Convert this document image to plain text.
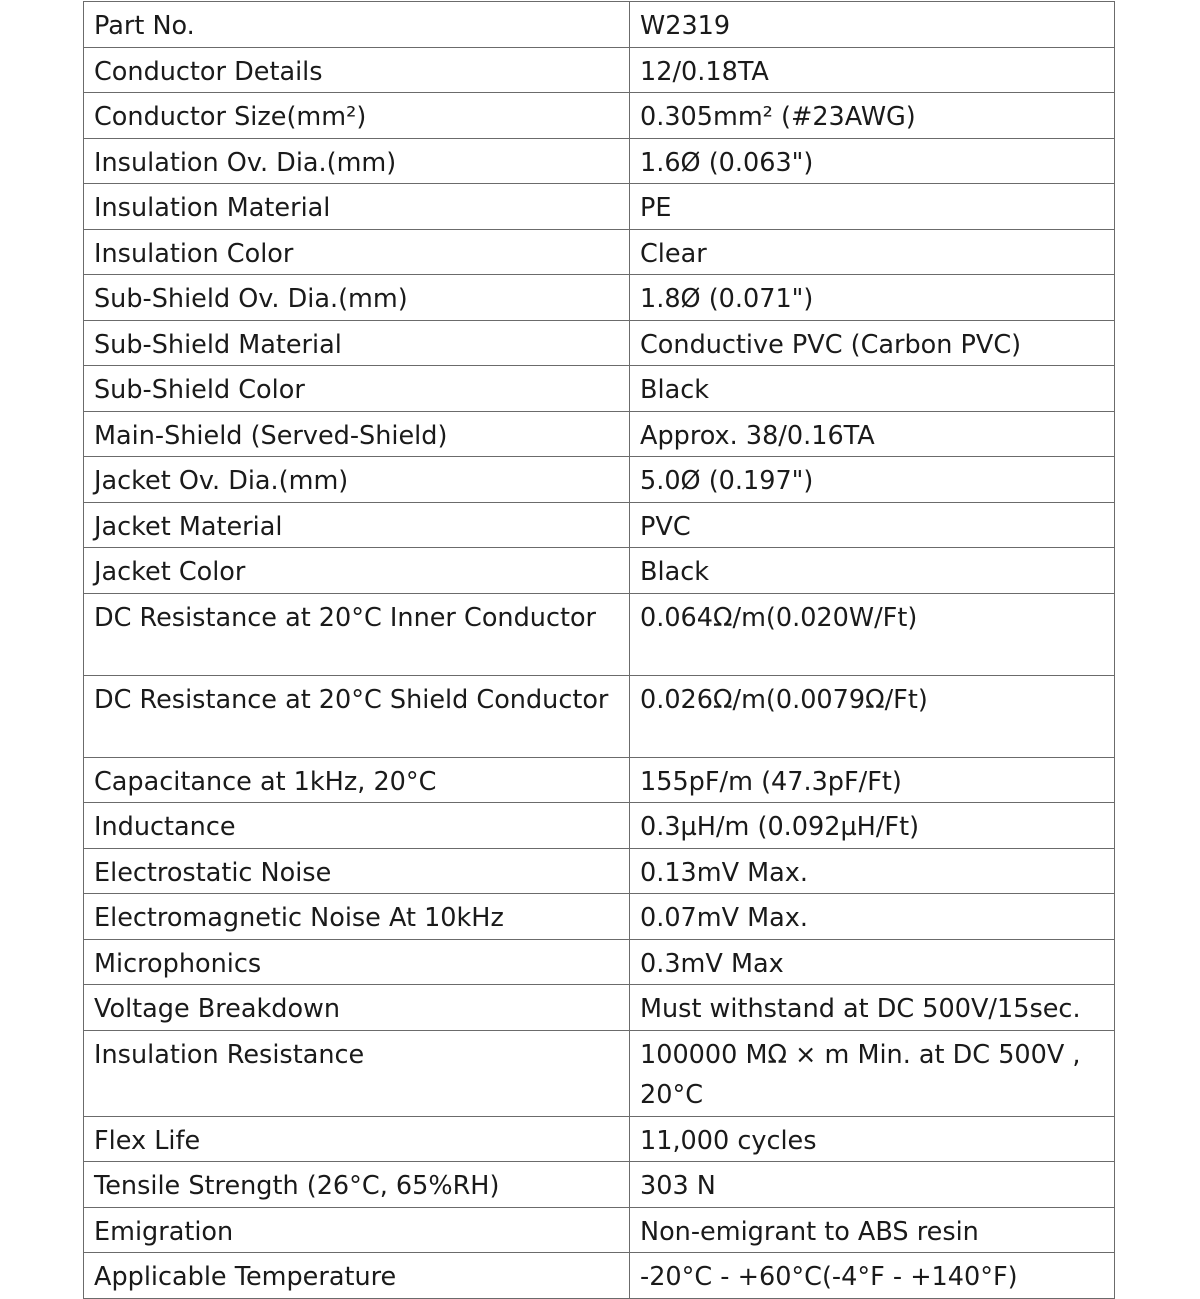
Part No.	W2319
Conductor Details	12/0.18TA
Conductor Size(mm²)	0.305mm² (#23AWG)
Insulation Ov. Dia.(mm)	1.6Ø (0.063")
Insulation Material	PE
Insulation Color	Clear
Sub-Shield Ov. Dia.(mm)	1.8Ø (0.071")
Sub-Shield Material	Conductive PVC (Carbon PVC)
Sub-Shield Color	Black
Main-Shield (Served-Shield)	Approx. 38/0.16TA
Jacket Ov. Dia.(mm)	5.0Ø (0.197")
Jacket Material	PVC
Jacket Color	Black
DC Resistance at 20°C Inner Conductor	0.064Ω/m(0.020W/Ft)
DC Resistance at 20°C Shield Conductor	0.026Ω/m(0.0079Ω/Ft)
Capacitance at 1kHz, 20°C	155pF/m (47.3pF/Ft)
Inductance	0.3µH/m (0.092µH/Ft)
Electrostatic Noise	0.13mV Max.
Electromagnetic Noise At 10kHz	0.07mV Max.
Microphonics	0.3mV Max
Voltage Breakdown	Must withstand at DC 500V/15sec.
Insulation Resistance	100000 MΩ × m Min. at DC 500V , 20°C
Flex Life	11,000 cycles
Tensile Strength (26°C, 65%RH)	303 N
Emigration	Non-emigrant to ABS resin
Applicable Temperature	-20°C - +60°C(-4°F - +140°F)
